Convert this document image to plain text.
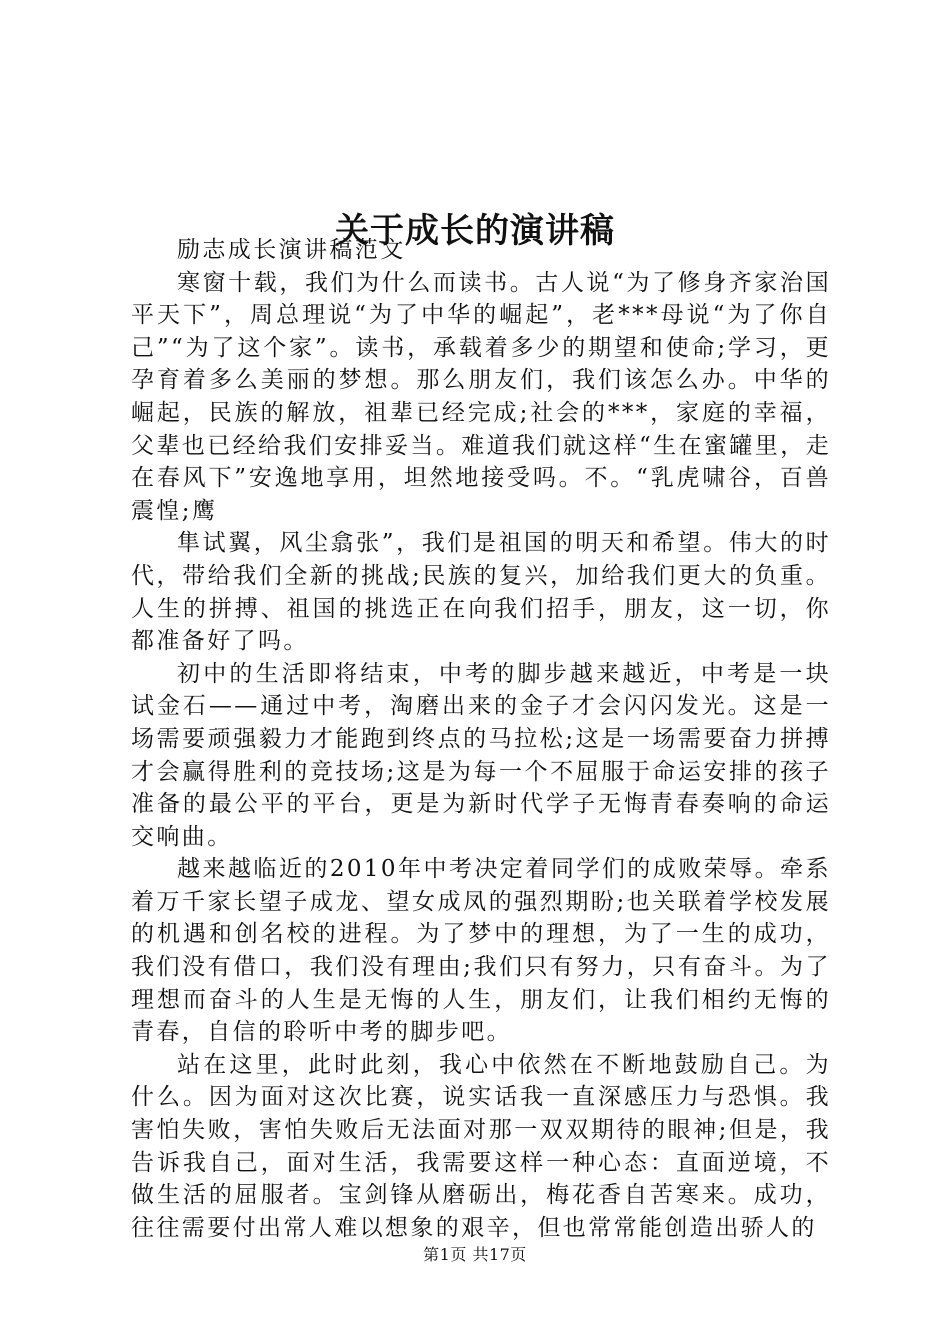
关于成长的演讲稿

励志成长演讲稿范文

寒窗十载，我们为什么而读书。古人说“为了修身齐家治国平天下”，周总理说“为了中华的崛起”，老***母说“为了你自己”“为了这个家”。读书，承载着多少的期望和使命;学习，更孕育着多么美丽的梦想。那么朋友们，我们该怎么办。中华的崛起，民族的解放，祖辈已经完成;社会的***，家庭的幸福，父辈也已经给我们安排妥当。难道我们就这样“生在蜜罐里，走在春风下”安逸地享用，坦然地接受吗。不。“乳虎啸谷，百兽震惶;鹰

隼试翼，风尘翕张”，我们是祖国的明天和希望。伟大的时代，带给我们全新的挑战;民族的复兴，加给我们更大的负重。人生的拼搏、祖国的挑选正在向我们招手，朋友，这一切，你都准备好了吗。

初中的生活即将结束，中考的脚步越来越近，中考是一块试金石——通过中考，淘磨出来的金子才会闪闪发光。这是一场需要顽强毅力才能跑到终点的马拉松;这是一场需要奋力拼搏才会赢得胜利的竞技场;这是为每一个不屈服于命运安排的孩子准备的最公平的平台，更是为新时代学子无悔青春奏响的命运交响曲。

越来越临近的2010年中考决定着同学们的成败荣辱。牵系着万千家长望子成龙、望女成凤的强烈期盼;也关联着学校发展的机遇和创名校的进程。为了梦中的理想，为了一生的成功，我们没有借口，我们没有理由;我们只有努力，只有奋斗。为了理想而奋斗的人生是无悔的人生，朋友们，让我们相约无悔的青春，自信的聆听中考的脚步吧。

站在这里，此时此刻，我心中依然在不断地鼓励自己。为什么。因为面对这次比赛，说实话我一直深感压力与恐惧。我害怕失败，害怕失败后无法面对那一双双期待的眼神;但是，我告诉我自己，面对生活，我需要这样一种心态：直面逆境，不做生活的屈服者。宝剑锋从磨砺出，梅花香自苦寒来。成功，往往需要付出常人难以想象的艰辛，但也常常能创造出骄人的

第1页 共17页
